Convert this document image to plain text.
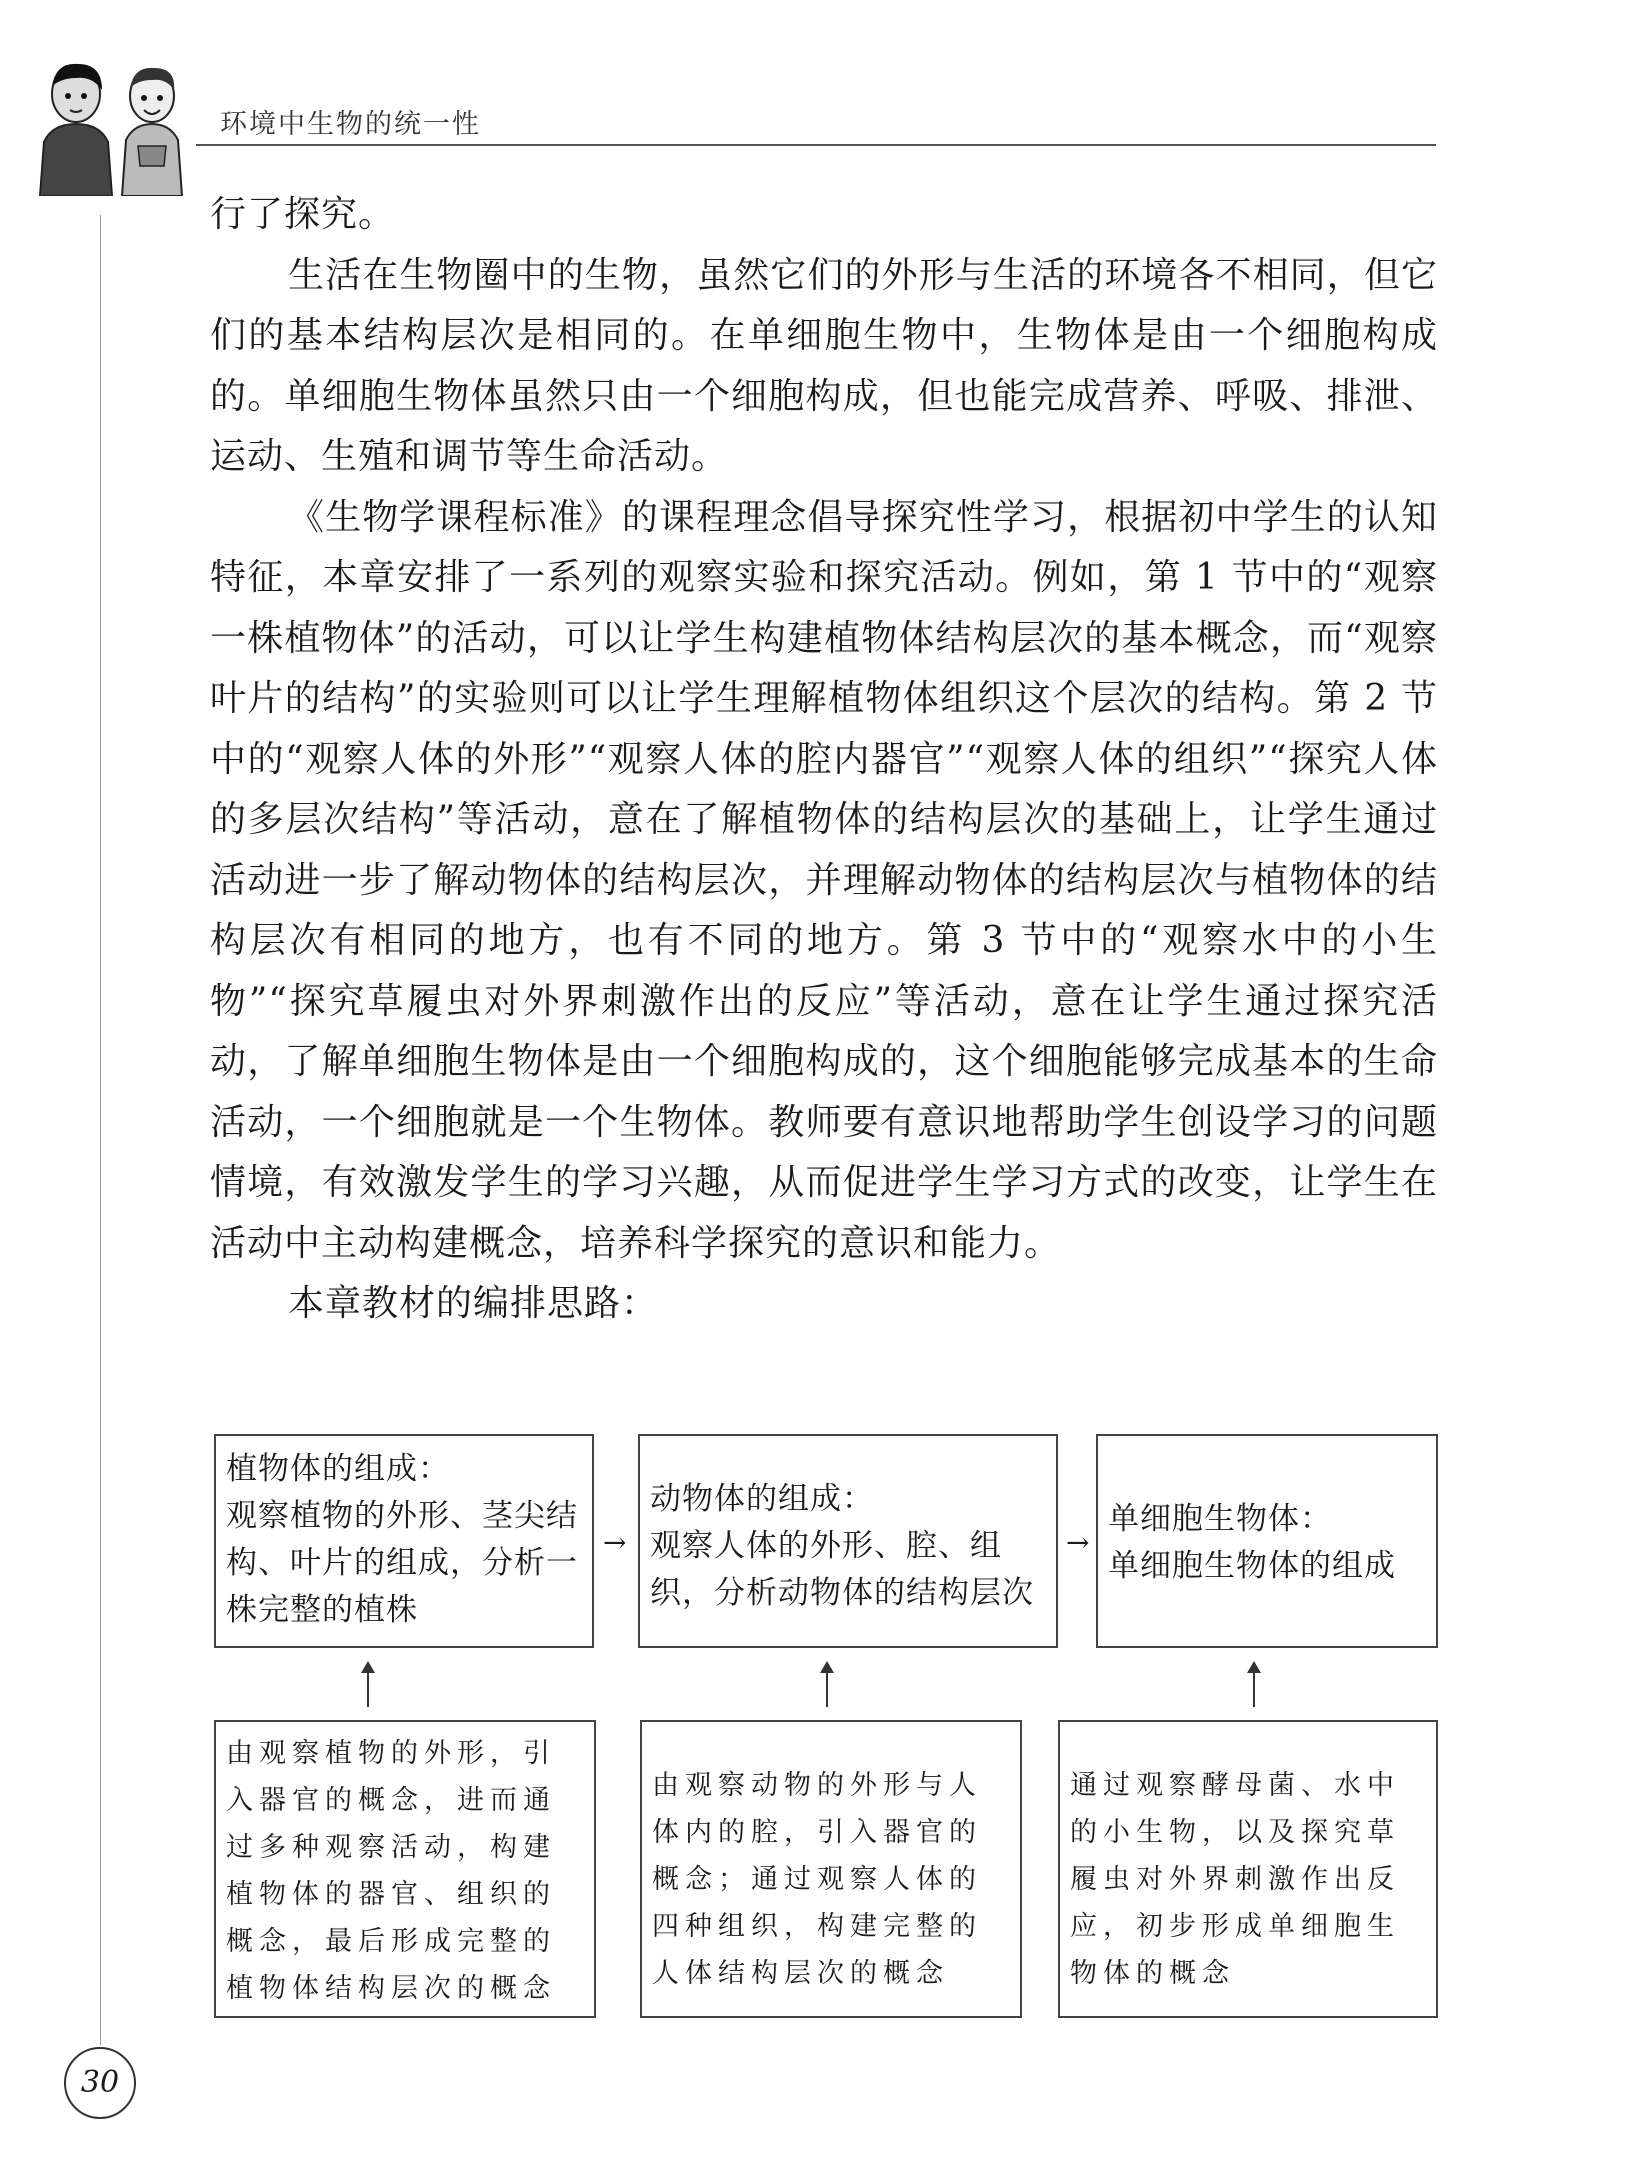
环境中生物的统一性

行了探究。

生活在生物圈中的生物，虽然它们的外形与生活的环境各不相同，但它们的基本结构层次是相同的。在单细胞生物中，生物体是由一个细胞构成的。单细胞生物体虽然只由一个细胞构成，但也能完成营养、呼吸、排泄、运动、生殖和调节等生命活动。

《生物学课程标准》的课程理念倡导探究性学习，根据初中学生的认知特征，本章安排了一系列的观察实验和探究活动。例如，第 1 节中的“观察一株植物体”的活动，可以让学生构建植物体结构层次的基本概念，而“观察叶片的结构”的实验则可以让学生理解植物体组织这个层次的结构。第 2 节中的“观察人体的外形”“观察人体的腔内器官”“观察人体的组织”“探究人体的多层次结构”等活动，意在了解植物体的结构层次的基础上，让学生通过活动进一步了解动物体的结构层次，并理解动物体的结构层次与植物体的结构层次有相同的地方，也有不同的地方。第 3 节中的“观察水中的小生物”“探究草履虫对外界刺激作出的反应”等活动，意在让学生通过探究活动，了解单细胞生物体是由一个细胞构成的，这个细胞能够完成基本的生命活动，一个细胞就是一个生物体。教师要有意识地帮助学生创设学习的问题情境，有效激发学生的学习兴趣，从而促进学生学习方式的改变，让学生在活动中主动构建概念，培养科学探究的意识和能力。

本章教材的编排思路：

植物体的组成：
观察植物的外形、茎尖结构、叶片的组成，分析一株完整的植株
→
动物体的组成：
观察人体的外形、腔、组织，分析动物体的结构层次
→
单细胞生物体：
单细胞生物体的组成
由观察植物的外形，引入器官的概念，进而通过多种观察活动，构建植物体的器官、组织的概念，最后形成完整的植物体结构层次的概念
由观察动物的外形与人体内的腔，引入器官的概念；通过观察人体的四种组织，构建完整的人体结构层次的概念
通过观察酵母菌、水中的小生物，以及探究草履虫对外界刺激作出反应，初步形成单细胞生物体的概念
30
